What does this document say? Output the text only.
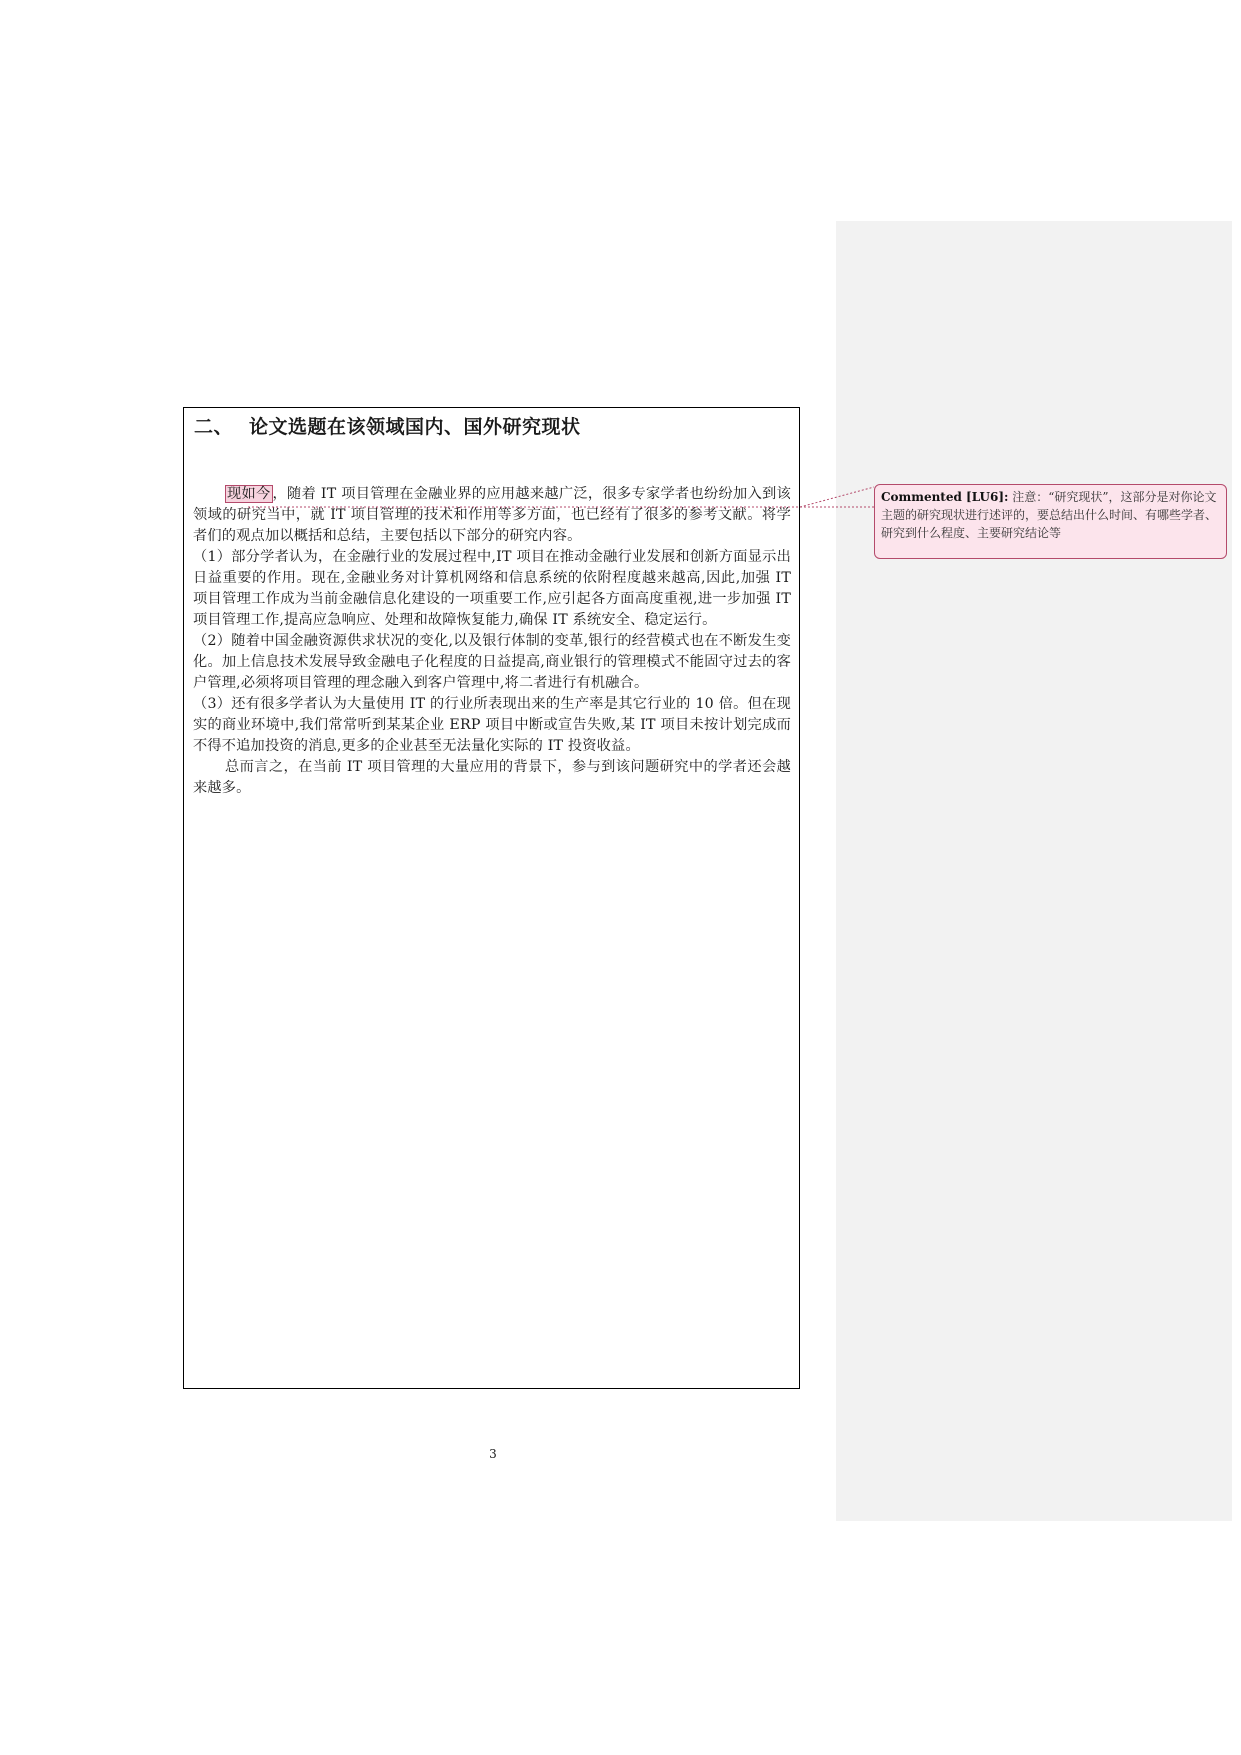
二、 论文选题在该领域国内、国外研究现状

现如今 ，随着 IT 项目管理在金融业界的应用越来越广泛，很多专家学者也纷纷加入到该领域的研究当中，就 IT 项目管理的技术和作用等多方面，也已经有了很多的参考文献。将学者们的观点加以概括和总结，主要包括以下部分的研究内容。

（1）部分学者认为，在金融行业的发展过程中,IT 项目在推动金融行业发展和创新方面显示出日益重要的作用。现在,金融业务对计算机网络和信息系统的依附程度越来越高,因此,加强 IT 项目管理工作成为当前金融信息化建设的一项重要工作,应引起各方面高度重视,进一步加强 IT 项目管理工作,提高应急响应、处理和故障恢复能力,确保 IT 系统安全、稳定运行。

（2）随着中国金融资源供求状况的变化,以及银行体制的变革,银行的经营模式也在不断发生变化。加上信息技术发展导致金融电子化程度的日益提高,商业银行的管理模式不能固守过去的客户管理,必须将项目管理的理念融入到客户管理中,将二者进行有机融合。

（3）还有很多学者认为大量使用 IT 的行业所表现出来的生产率是其它行业的 10 倍。但在现实的商业环境中,我们常常听到某某企业 ERP 项目中断或宣告失败,某 IT 项目未按计划完成而不得不追加投资的消息,更多的企业甚至无法量化实际的 IT 投资收益。

总而言之，在当前 IT 项目管理的大量应用的背景下，参与到该问题研究中的学者还会越来越多。

3
Commented [LU6]: 注意：“研究现状”，这部分是对你论文主题的研究现状进行述评的，要总结出什么时间、有哪些学者、研究到什么程度、主要研究结论等
